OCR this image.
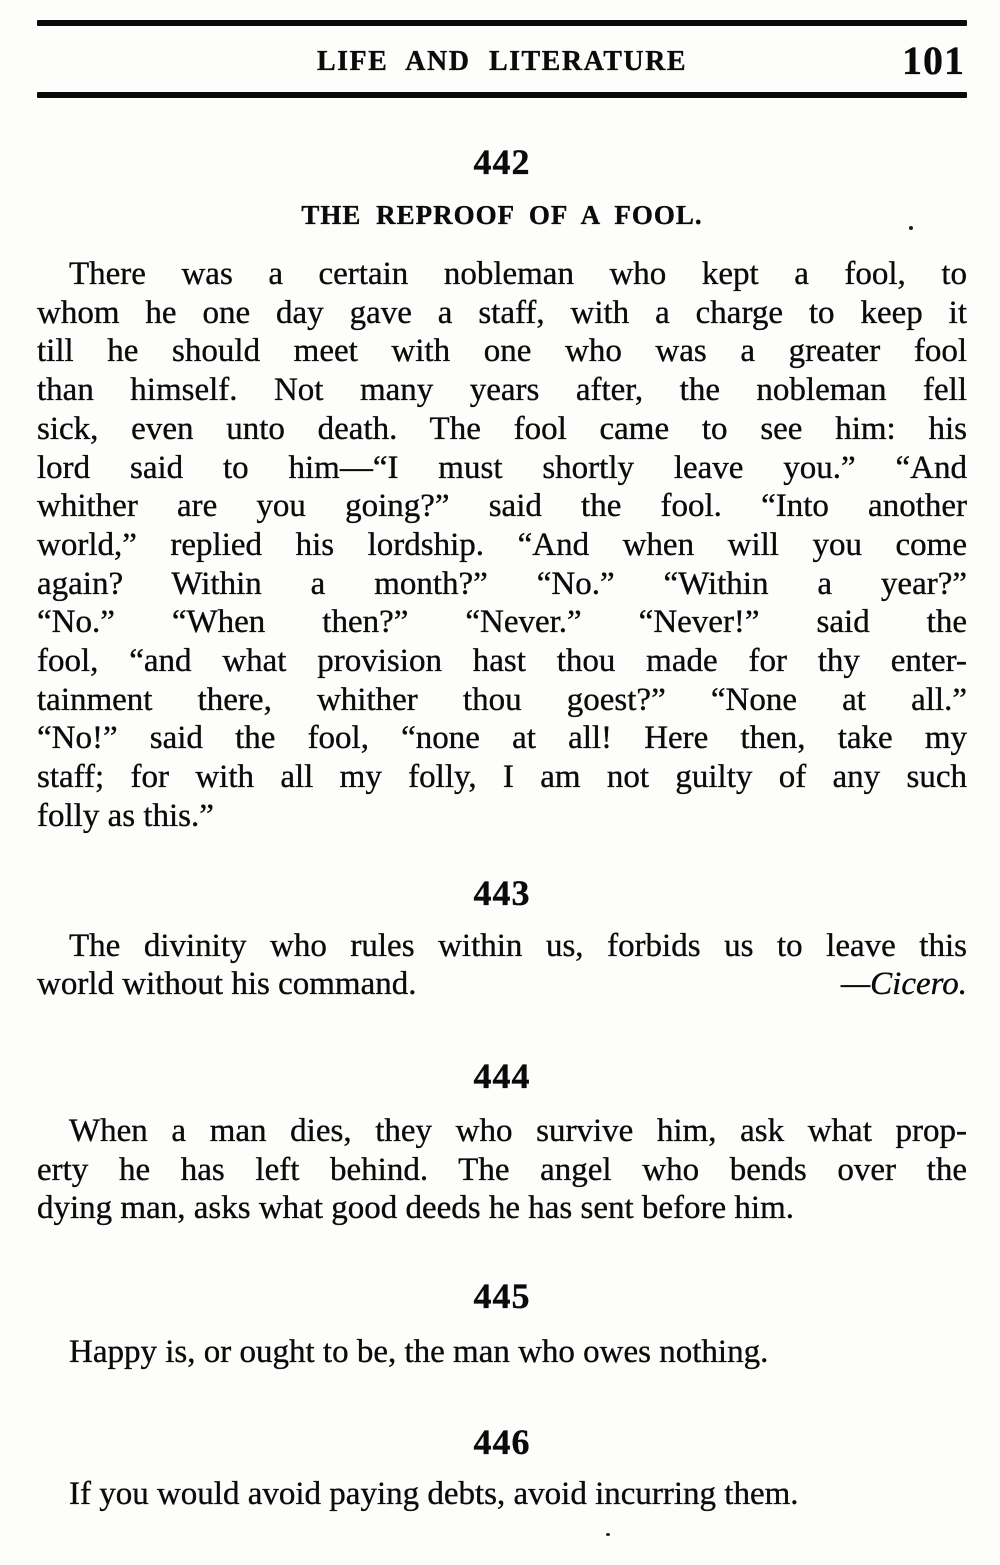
LIFE AND LITERATURE	101
442
THE REPROOF OF A FOOL.
There was a certain nobleman who kept a fool, to
whom he one day gave a staff, with a charge to keep it
till he should meet with one who was a greater fool
than himself. Not many years after, the nobleman fell
sick, even unto death. The fool came to see him: his
lord said to him—“I must shortly leave you.” “And
whither are you going?” said the fool. “Into another
world,” replied his lordship. “And when will you come
again? Within a month?” “No.” “Within a year?”
“No.” “When then?” “Never.” “Never!” said the
fool, “and what provision hast thou made for thy enter-
tainment there, whither thou goest?” “None at all.”
“No!” said the fool, “none at all! Here then, take my
staff; for with all my folly, I am not guilty of any such
folly as this.”
443
The divinity who rules within us, forbids us to leave this
world without his command.	—Cicero.
444
When a man dies, they who survive him, ask what prop-
erty he has left behind. The angel who bends over the
dying man, asks what good deeds he has sent before him.
445
Happy is, or ought to be, the man who owes nothing.
446
If you would avoid paying debts, avoid incurring them.
